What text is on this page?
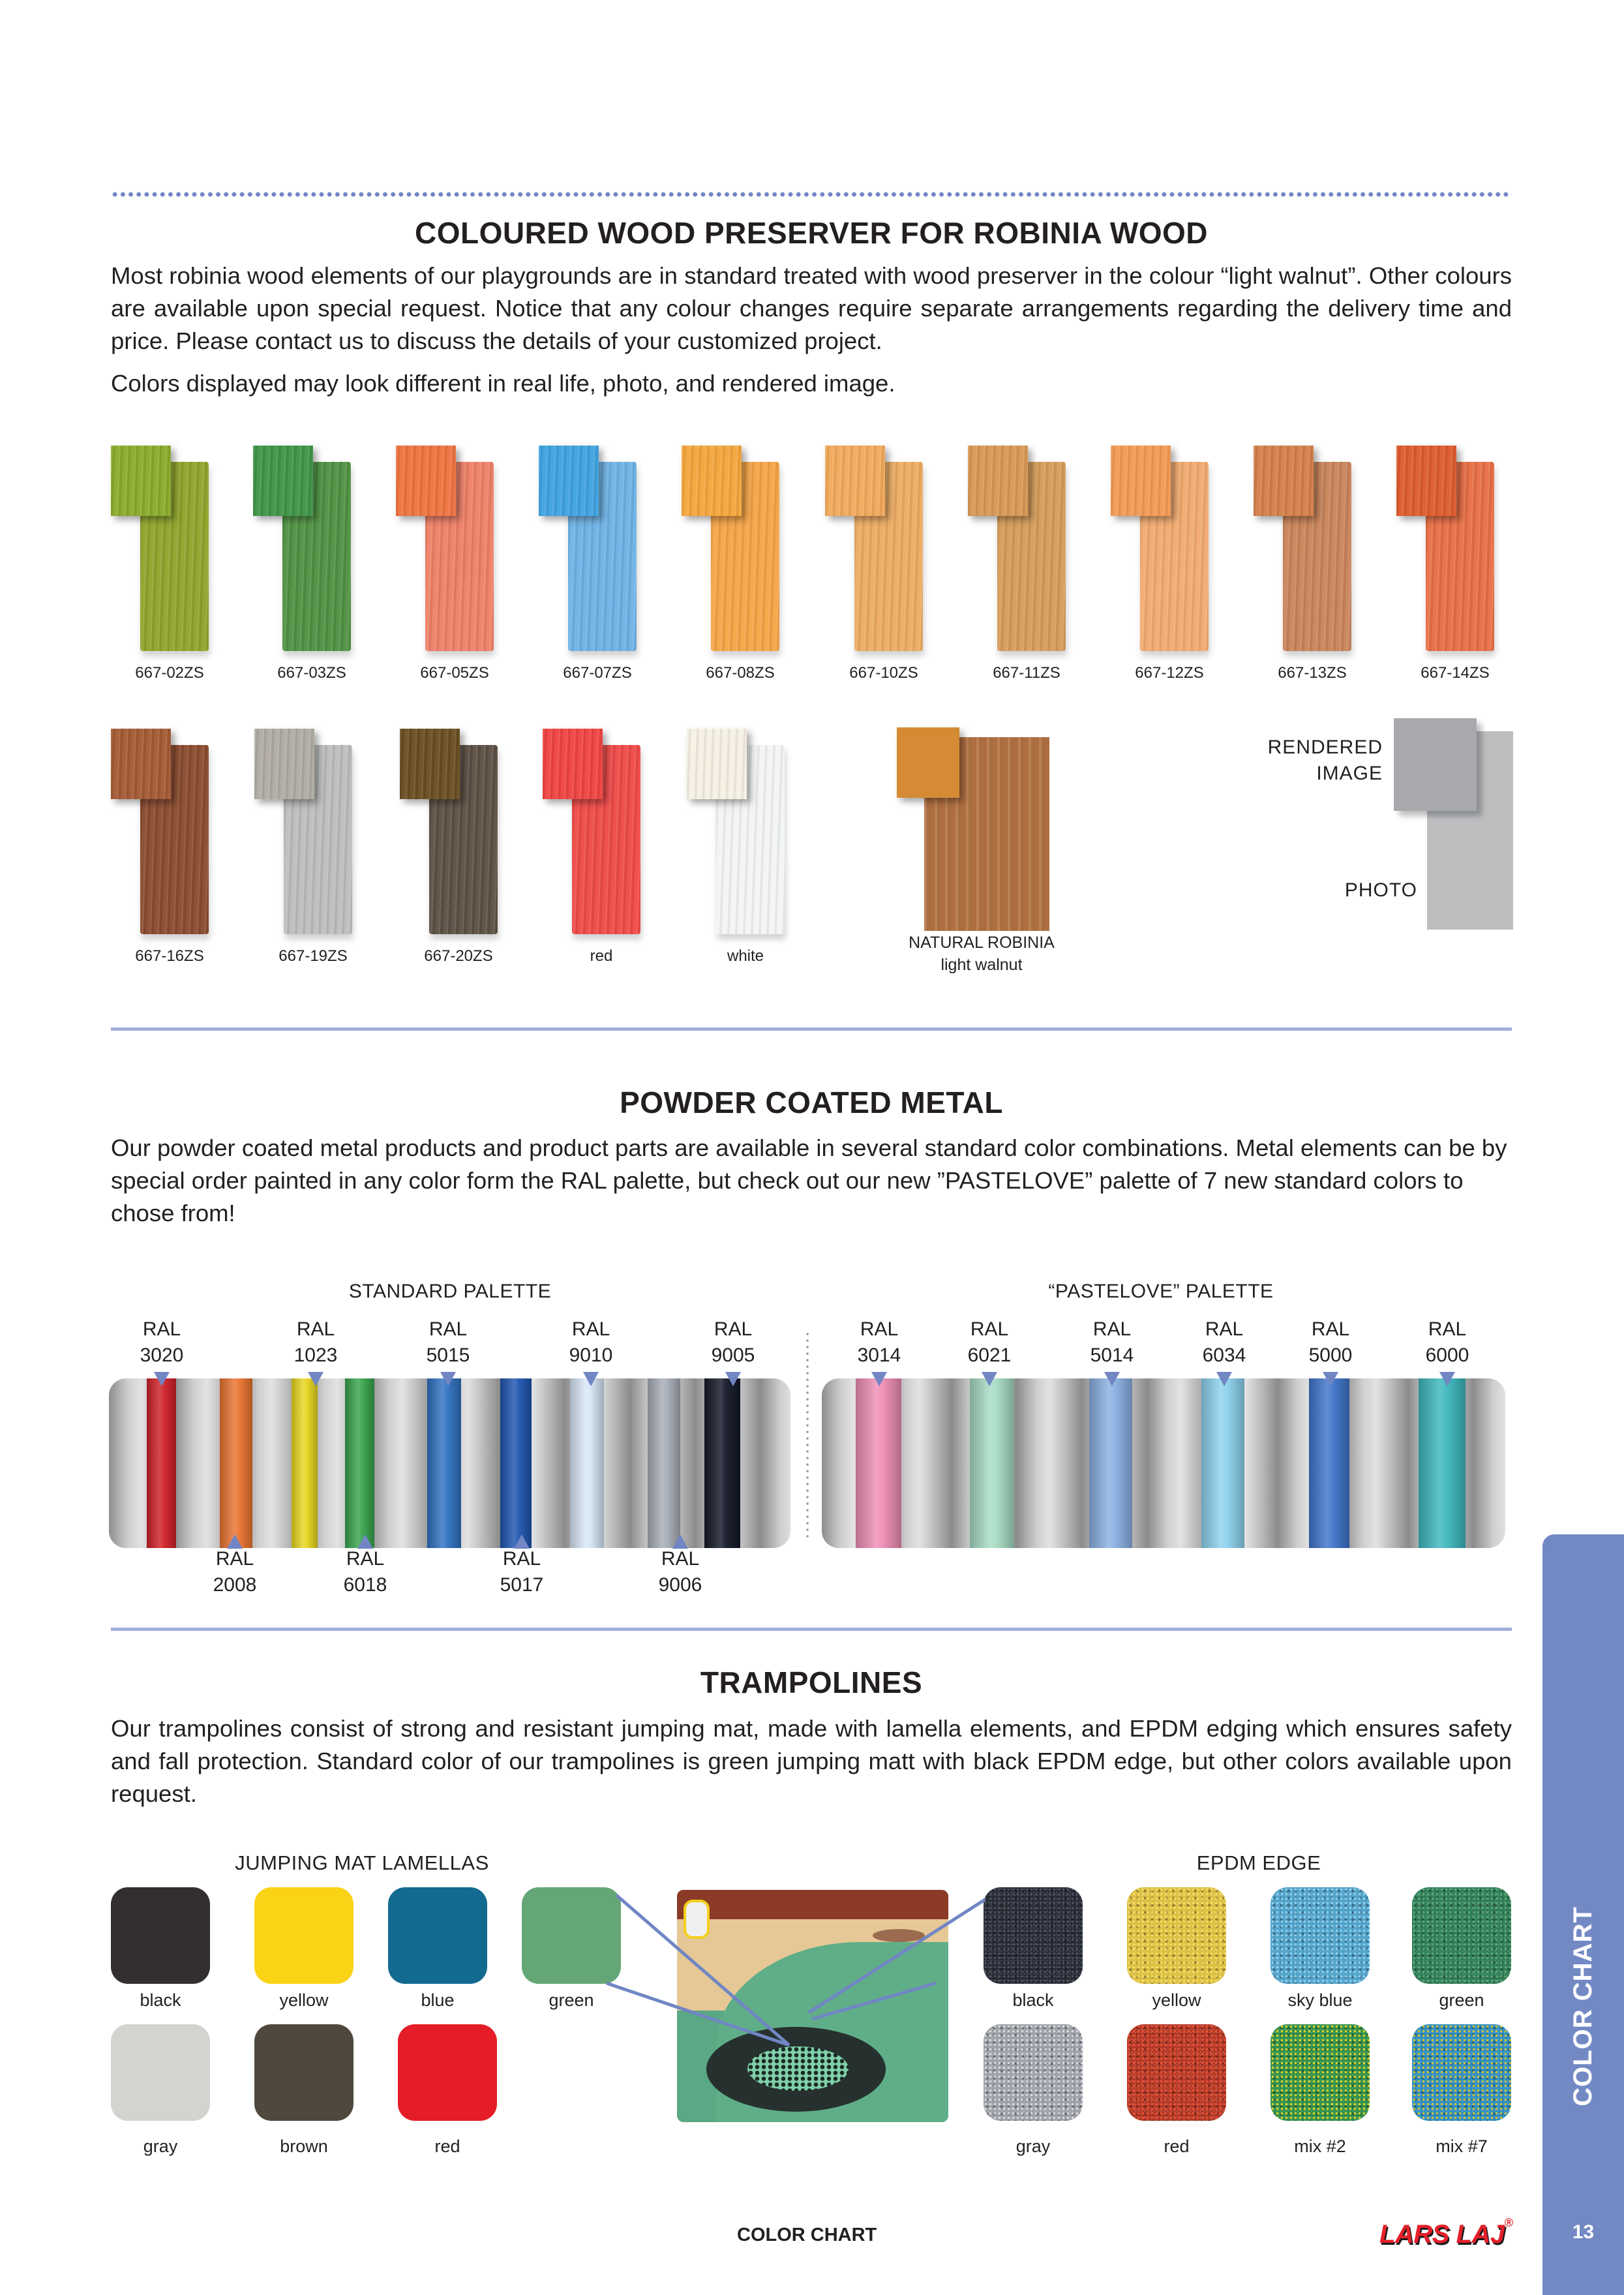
COLOURED WOOD PRESERVER FOR ROBINIA WOOD
Most robinia wood elements of our playgrounds are in standard treated with wood preserver in the colour “light walnut”. Other colours are available upon special request. Notice that any colour changes require separate arrangements regarding the delivery time and price. Please contact us to discuss the details of your customized project.
Colors displayed may look different in real life, photo, and rendered image.
667-02ZS	667-03ZS	667-05ZS	667-07ZS	667-08ZS	667-10ZS	667-11ZS	667-12ZS	667-13ZS	667-14ZS
667-16ZS	667-19ZS	667-20ZS	red	white
NATURAL ROBINIA
light walnut
RENDERED
IMAGE
PHOTO
POWDER COATED METAL
Our powder coated metal products and product parts are available in several standard color combinations. Metal elements can be by special order painted in any color form the RAL palette, but check out our new ”PASTELOVE” palette of 7 new standard colors to chose from!
STANDARD PALETTE	“PASTELOVE” PALETTE
RAL
3020
RAL
1023
RAL
5015
RAL
9010
RAL
9005
RAL
2008
RAL
6018
RAL
5017
RAL
9006
RAL
3014
RAL
6021
RAL
5014
RAL
6034
RAL
5000
RAL
6000
TRAMPOLINES
Our trampolines consist of strong and resistant jumping mat, made with lamella elements, and EPDM edging which ensures safety and fall protection. Standard color of our trampolines is green jumping matt with black EPDM edge, but other colors available upon request.
JUMPING MAT LAMELLAS	EPDM EDGE
black	yellow	blue	green
gray	brown	red
black	yellow	sky blue	green
gray	red	mix #2	mix #7
COLOR CHART
13
COLOR CHART	LARS LAJ®
